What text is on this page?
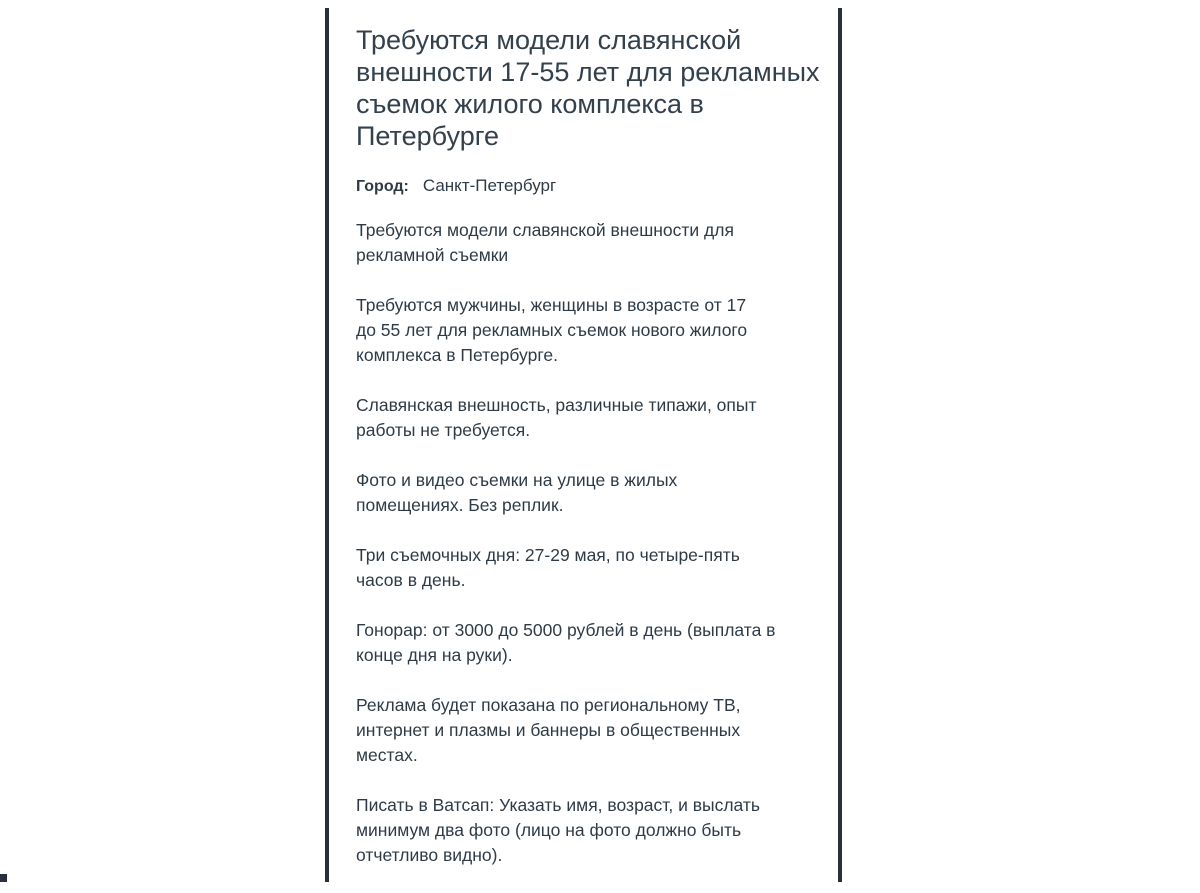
Требуются модели славянской внешности 17-55 лет для рекламных съемок жилого комплекса в Петербурге
Город: Санкт-Петербург

Требуются модели славянской внешности для
рекламной съемки

Требуются мужчины, женщины в возрасте от 17
до 55 лет для рекламных съемок нового жилого
комплекса в Петербурге.

Славянская внешность, различные типажи, опыт
работы не требуется.

Фото и видео съемки на улице в жилых
помещениях. Без реплик.

Три съемочных дня: 27-29 мая, по четыре-пять
часов в день.

Гонорар: от 3000 до 5000 рублей в день (выплата в
конце дня на руки).

Реклама будет показана по региональному ТВ,
интернет и плазмы и баннеры в общественных
местах.

Писать в Ватсап: Указать имя, возраст, и выслать
минимум два фото (лицо на фото должно быть
отчетливо видно).
